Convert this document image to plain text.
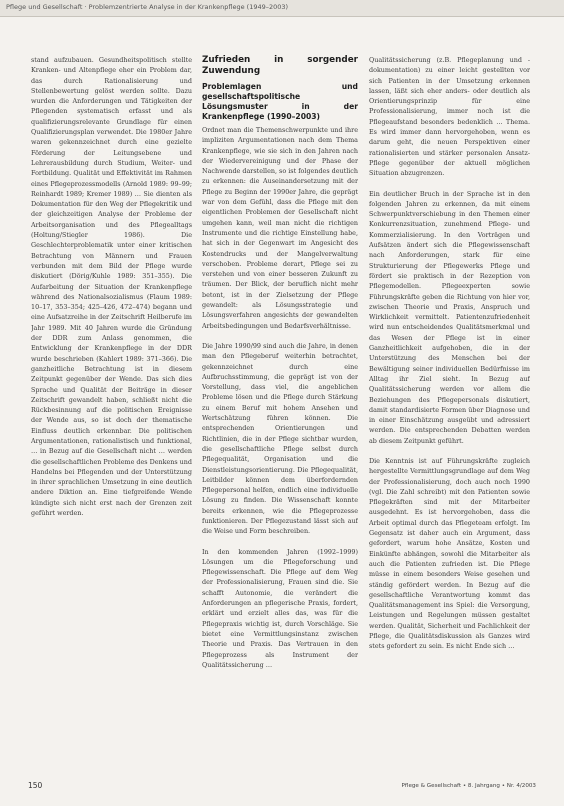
Pflege und Gesellschaft · Problemzentrierte Analyse in der Krankenpflege (1949–2003)

stand aufzubauen. Gesundheitspolitisch stellte Kranken- und Altenpflege eher ein Problem dar, das durch Rationalisierung und Stellenbewertung gelöst werden sollte. Dazu wurden die Anforderungen und Tätigkeiten der Pflegenden systematisch erfasst und als qualifizierungsrelevante Grundlage für einen Qualifizierungsplan verwendet. Die 1980er Jahre waren gekennzeichnet durch eine gezielte Förderung der Leitungsebene und Lehrerausbildung durch Studium, Weiter- und Fortbildung. Qualität und Effektivität im Rahmen eines Pflegeprozessmodells (Arnold 1989: 99–99; Reinhardt 1989; Kremer 1989) … Sie dienten als Dokumentation für den Weg der Pflegekritik und der gleichzeitigen Analyse der Probleme der Arbeitsorganisation und des Pflegealltags (Holtung/Stiegler 1986). Die Geschlechterproblematik unter einer kritischen Betrachtung von Männern und Frauen verbunden mit dem Bild der Pflege wurde diskutiert (Dörig/Kuhle 1989: 351–355). Die Aufarbeitung der Situation der Krankenpflege während des Nationalsozialismus (Flaum 1989: 10–17, 353–354; 425–426, 472–474) begann und eine Aufsatzreihe in der Zeitschrift Heilberufe im Jahr 1989. Mit 40 Jahren wurde die Gründung der DDR zum Anlass genommen, die Entwicklung der Krankenpflege in der DDR wurde beschrieben (Kahlert 1989: 371–366). Die ganzheitliche Betrachtung ist in diesem Zeitpunkt gegenüber der Wende. Das sich dies Sprache und Qualität der Beiträge in dieser Zeitschrift gewandelt haben, schließt nicht die Rückbesinnung auf die politischen Ereignisse der Wende aus, so ist doch der thematische Einfluss deutlich erkennbar. Die politischen Argumentationen, rationalistisch und funktional, … in Bezug auf die Gesellschaft nicht … werden die gesellschaftlichen Probleme des Denkens und Handelns bei Pflegenden und der Unterstützung in ihrer sprachlichen Umsetzung in eine deutlich andere Diktion an. Eine tiefgreifende Wende kündigte sich nicht erst nach der Grenzen zeit geführt werden.

Zufrieden in sorgender Zuwendung
Problemlagen und gesellschaftspolitische Lösungsmuster in der Krankenpflege (1990–2003)

Ordnet man die Themenschwerpunkte und ihre impliziten Argumentationen nach dem Thema Krankenpflege, wie sie sich in den Jahren nach der Wiedervereinigung und der Phase der Nachwende darstellen, so ist folgendes deutlich zu erkennen: die Auseinandersetzung mit der Pflege zu Beginn der 1990er Jahre, die geprägt war von dem Gefühl, dass die Pflege mit den eigentlichen Problemen der Gesellschaft nicht umgehen kann, weil man nicht die richtigen Instrumente und die richtige Einstellung habe, hat sich in der Gegenwart im Angesicht des Kostendrucks und der Mangelverwaltung verschoben. Probleme derart, Pflege sei zu verstehen und von einer besseren Zukunft zu träumen. Der Blick, der beruflich nicht mehr betont, ist in der Zielsetzung der Pflege gewandelt: als Lösungsstrategie und Lösungsverfahren angesichts der gewandelten Arbeitsbedingungen und Bedarfsverhältnisse.

Die Jahre 1990/99 sind auch die Jahre, in denen man den Pflegeberuf weiterhin betrachtet, gekennzeichnet durch eine Aufbruchsstimmung, die geprägt ist von der Vorstellung, dass viel, die angeblichen Probleme lösen und die Pflege durch Stärkung zu einem Beruf mit hohem Ansehen und Wertschätzung führen können. Die entsprechenden Orientierungen und Richtlinien, die in der Pflege sichtbar wurden, die gesellschaftliche Pflege selbst durch Pflegequalität, Organisation und die Dienstleistungsorientierung. Die Pflegequalität, Leitbilder können dem überfordernden Pflegepersonal helfen, endlich eine individuelle Lösung zu finden. Die Wissenschaft konnte bereits erkennen, wie die Pflegeprozesse funktionieren. Der Pflegezustand lässt sich auf die Weise und Form beschreiben.

In den kommenden Jahren (1992–1999) Lösungen um die Pflegeforschung und Pflegewissenschaft. Die Pflege auf dem Weg der Professionalisierung, Frauen sind die. Sie schafft Autonomie, die verändert die Anforderungen an pflegerische Praxis, fordert, erklärt und erzielt alles das, was für die Pflegepraxis wichtig ist, durch Vorschläge. Sie bietet eine Vermittlungsinstanz zwischen Theorie und Praxis. Das Vertrauen in den Pflegeprozess als Instrument der Qualitätssicherung …

Qualitätssicherung (z.B. Pflegeplanung und -dokumentation) zu einer leicht gestellten vor sich Patienten in der Umsetzung erkennen lassen, läßt sich eher anders- oder deutlich als Orientierungsprinzip für eine Professionalisierung, immer noch ist die Pflegeaufstand besonders bedenklich … Thema. Es wird immer dann hervorgehoben, wenn es darum geht, die neuen Perspektiven einer rationalisierten und stärker personalen Ansatz-Pflege gegenüber der aktuell möglichen Situation abzugrenzen.

Ein deutlicher Bruch in der Sprache ist in den folgenden Jahren zu erkennen, da mit einem Schwerpunktverschiebung in den Themen einer Konkurrenzsituation, zunehmend Pflege- und Kommerzialisierung. In den Vorträgen und Aufsätzen ändert sich die Pflegewissenschaft nach Anforderungen, stark für eine Strukturierung der Pflegewerks Pflege und fördert sie praktisch in der Rezeption von Pflegemodellen. Pflegeexperten sowie Führungskräfte geben die Richtung von hier vor, zwischen Theorie und Praxis, Anspruch und Wirklichkeit vermittelt. Patientenzufriedenheit wird nun entscheidendes Qualitätsmerkmal und das Wesen der Pflege ist in einer Ganzheitlichkeit aufgehoben, die in der Unterstützung des Menschen bei der Bewältigung seiner individuellen Bedürfnisse im Alltag ihr Ziel sieht. In Bezug auf Qualitätssicherung werden vor allem die Beziehungen des Pflegepersonals diskutiert, damit standardisierte Formen über Diagnose und in einer Einschätzung ausgeübt und adressiert werden. Die entsprechenden Debatten werden ab diesem Zeitpunkt geführt.

Die Kenntnis ist auf Führungskräfte zugleich hergestellte Vermittlungsgrundlage auf dem Weg der Professionalisierung, doch auch noch 1990 (vgl. Die Zahl schreibt) mit den Patienten sowie Pflegekräften sind mit der Mitarbeiter ausgedehnt. Es ist hervorgehoben, dass die Arbeit optimal durch das Pflegeteam erfolgt. Im Gegensatz ist daher auch ein Argument, dass gefordert, warum hohe Ansätze, Kosten und Einkünfte abhängen, sowohl die Mitarbeiter als auch die Patienten zufrieden ist. Die Pflege müsse in einem besonders Weise gesehen und ständig gefördert werden. In Bezug auf die gesellschaftliche Verantwortung kommt das Qualitätsmanagement ins Spiel: die Versorgung, Leistungen und Regelungen müssen gestaltet werden. Qualität, Sicherheit und Fachlichkeit der Pflege, die Qualitätsdiskussion als Ganzes wird stets gefordert zu sein. Es nicht Ende sich …

150	Pflege & Gesellschaft • 8. Jahrgang • Nr. 4/2003
